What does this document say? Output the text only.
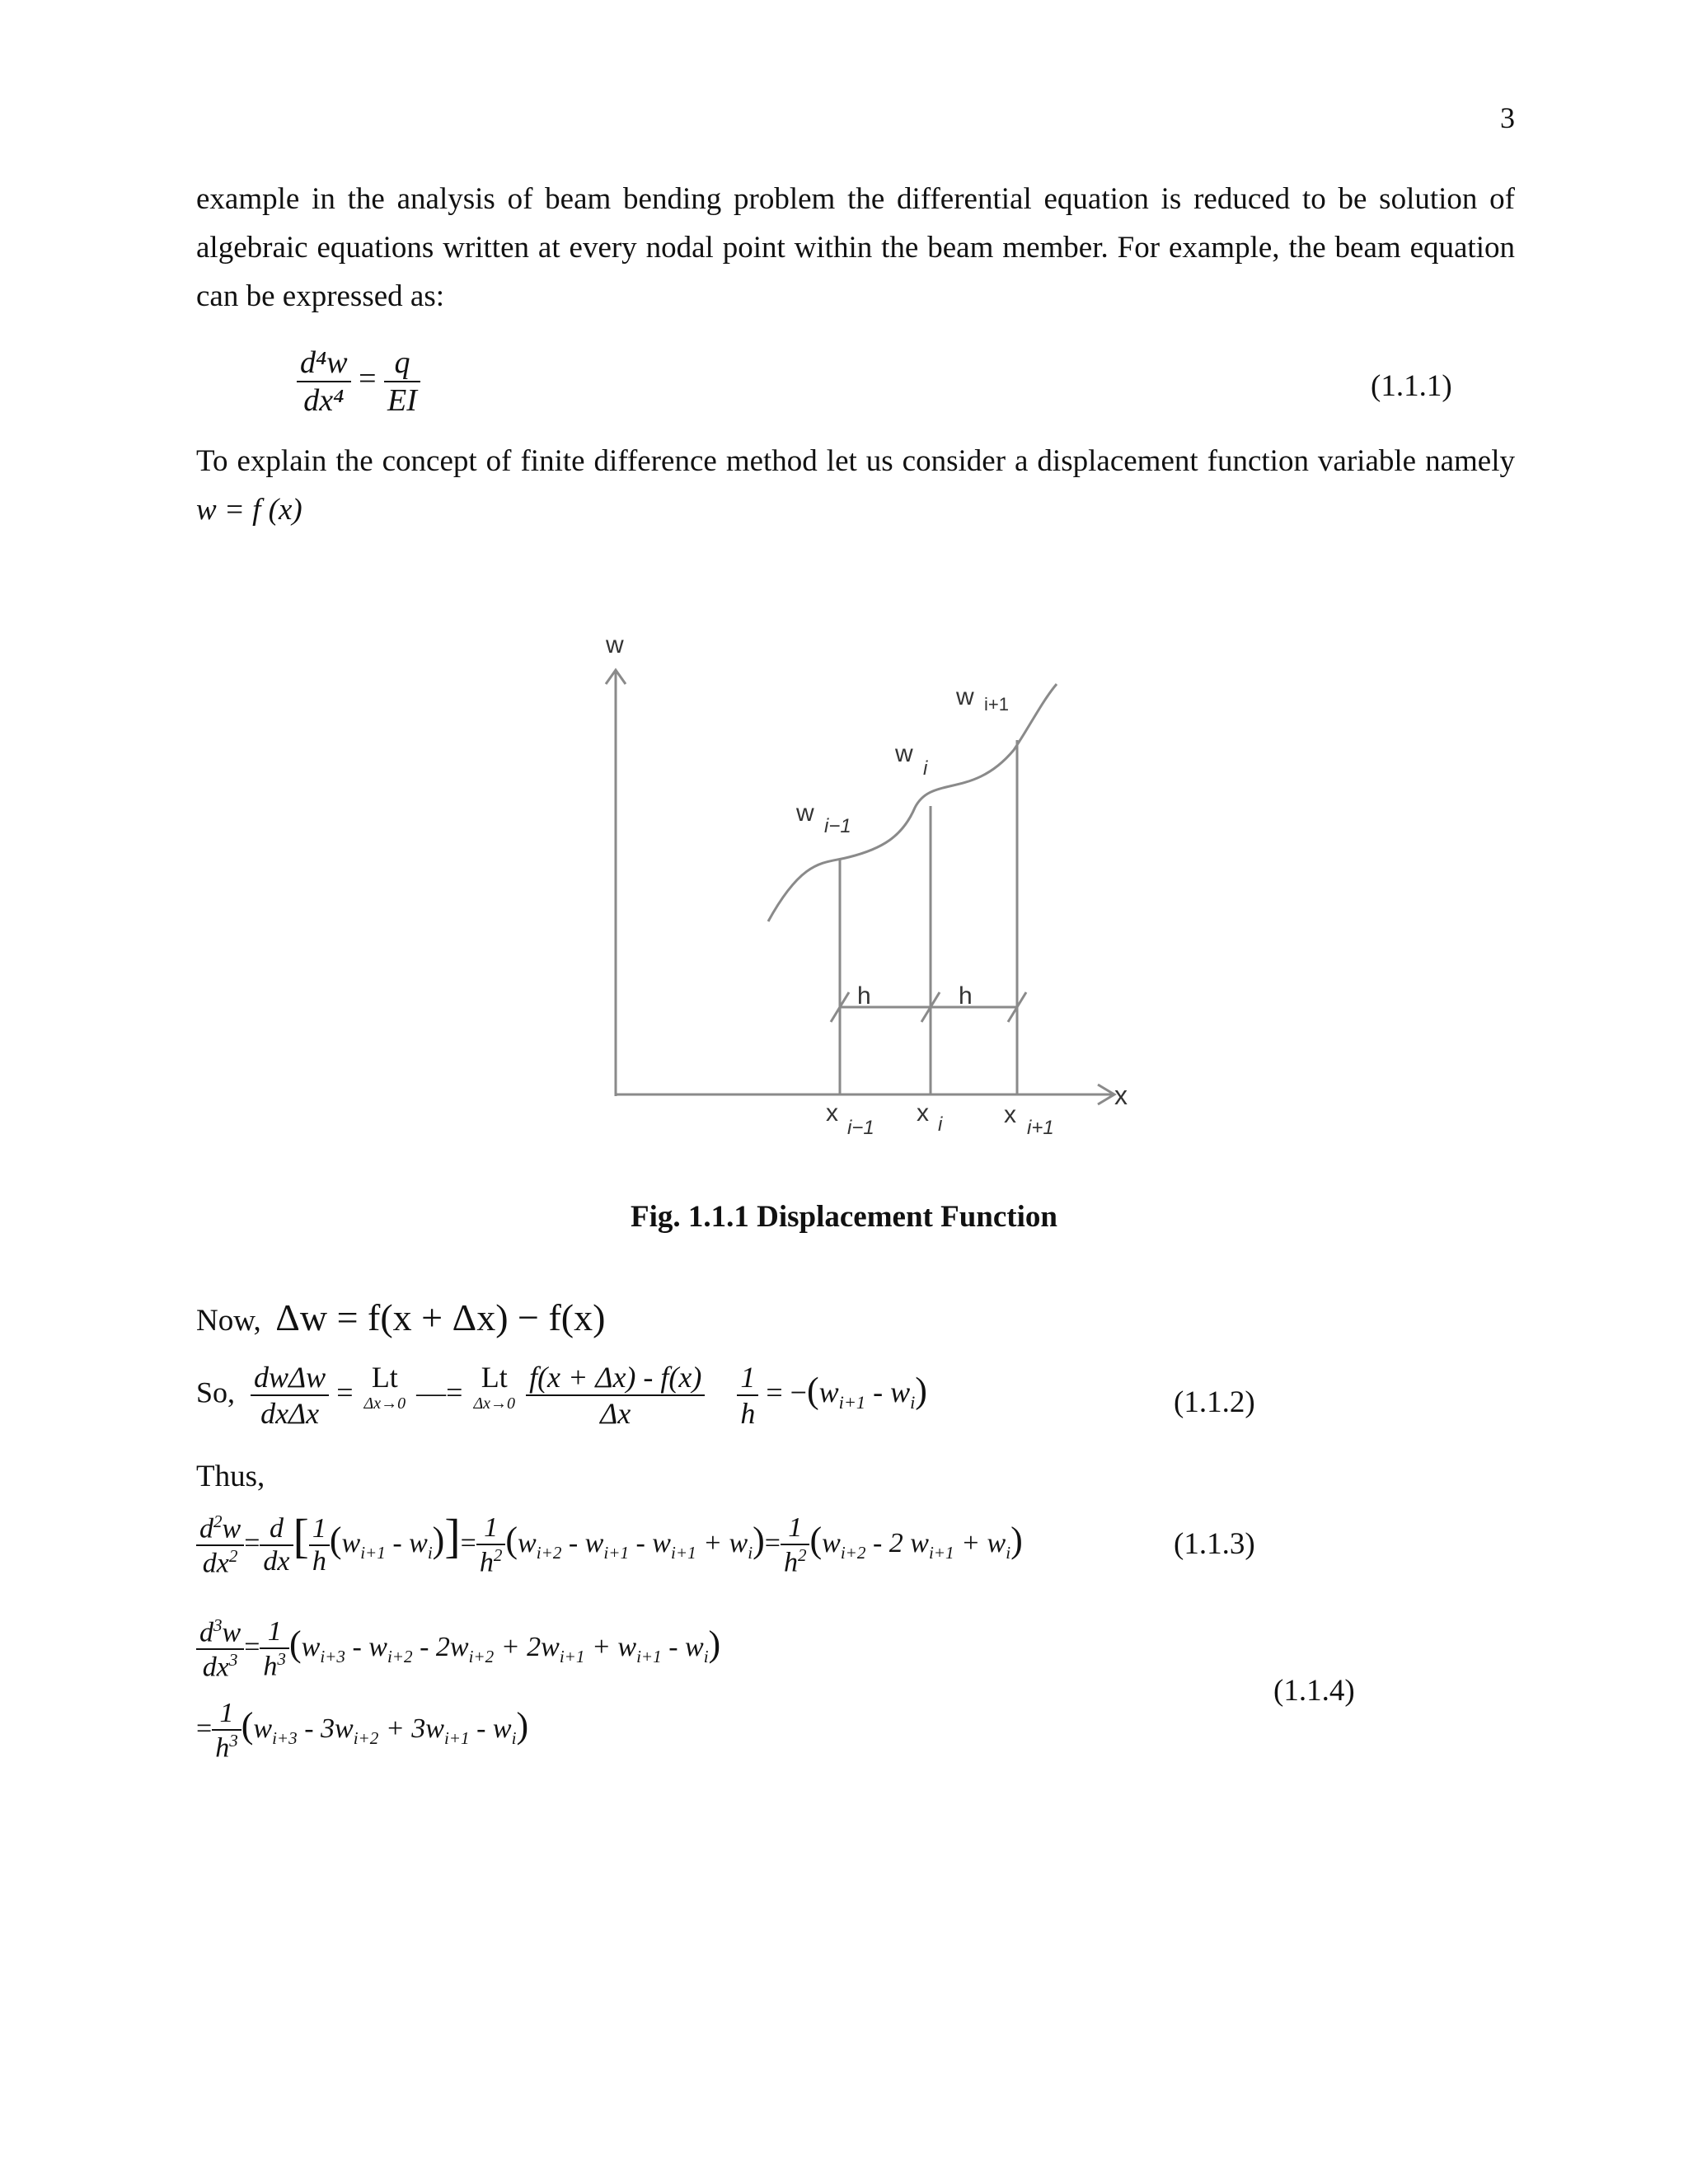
3

example in the analysis of beam bending problem the differential equation is reduced to be solution of algebraic equations written at every nodal point within the beam member. For example, the beam equation can be expressed as:

$\frac{\text{d⁴w}}{\text{dx⁴}} = \frac{q}{EI}$	(1.1.1)

To explain the concept of finite difference method let us consider a displacement function variable namely w = f (x)

w
x
w i−1
w
i
w i+1
h	h
x
i−1
x i x i+1
Fig. 1.1.1 Displacement Function
Now, Δw = f(x + Δx) − f(x)
So, $\frac{\text{dwΔw}}{\text{dxΔx}} = Lt$
Δx→0 —= Lt
Δx→0
$\frac{f(x + \Delta x) - f(x)}{\Delta x}$
$\frac{1}{h} = -(w_{i+1} - w_i)$	(1.1.2)
Thus,
$\frac{d^2w}{dx^2} = \frac{d}{dx}$ [ $\frac{1}{h} (w_{i+1} - w_i)]= \frac{1}{h^2} (w_{i+2} - w_{i+1} - w_{i+1} + w_i)= \frac{1}{h^2} (w_{i+2} - 2$ $w_{i+1} + w_i$)	(1.1.3)
$\frac{d^3w}{dx^3} = \frac{1}{h^3} (w_{i+3} - w_{i+2} - 2w_{i+2} + 2w_{i+1} + w_{i+1} - w_i)$
= $\frac{1}{h^3} (w_{i+3} - 3w_{i+2} + 3w_{i+1} - w_i)$
(1.1.4)
